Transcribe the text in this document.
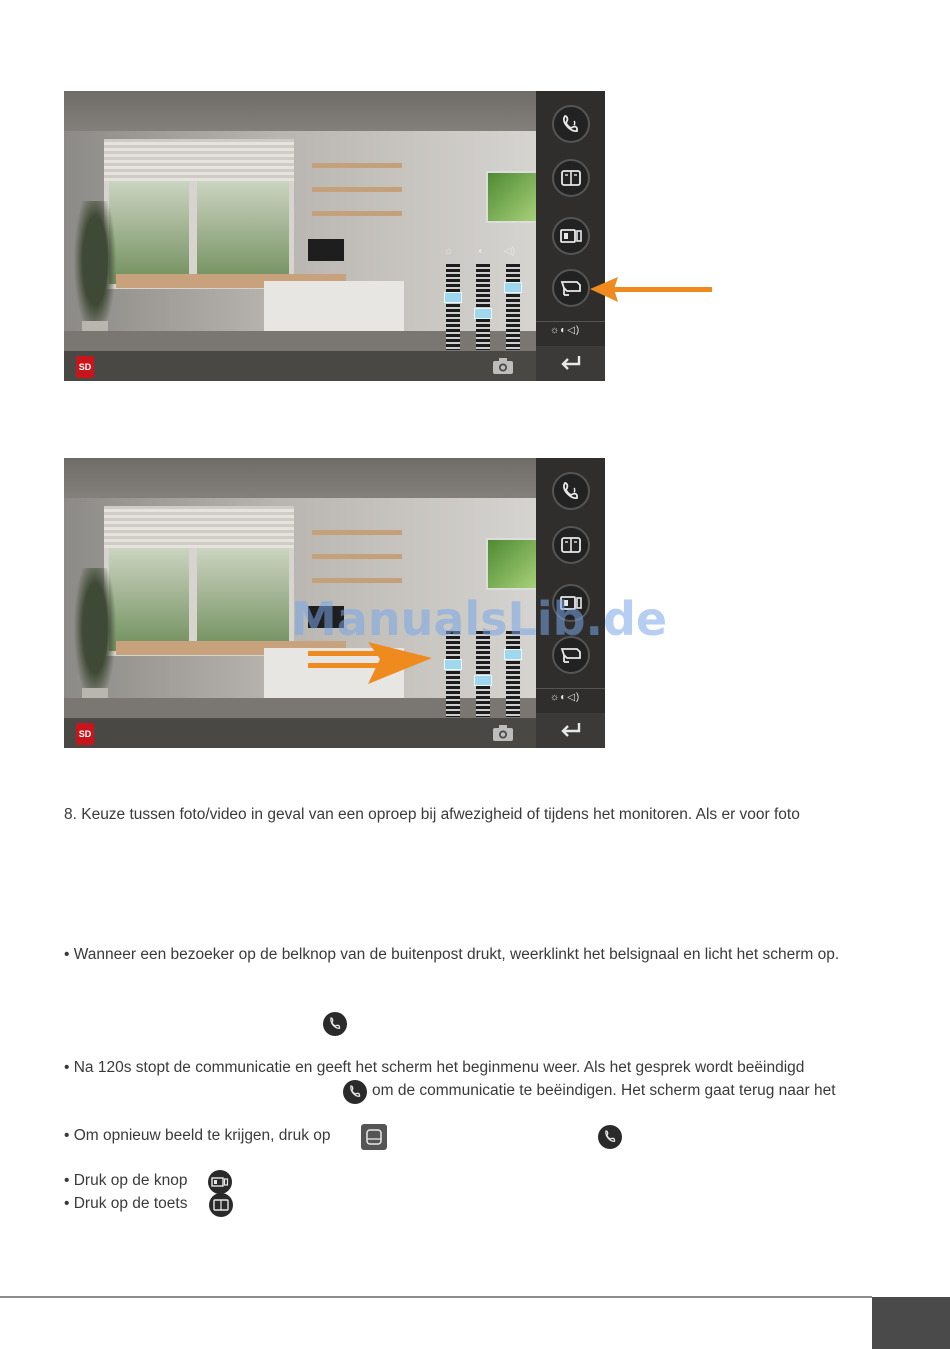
☼ ◐ ◁)
SD
☼◐◁)
SD
☼◐◁)
ManualsLib.de
8. Keuze tussen foto/video in geval van een oproep bij afwezigheid of tijdens het monitoren. Als er voor foto
• Wanneer een bezoeker op de belknop van de buitenpost drukt, weerklinkt het belsignaal en licht het scherm op.
• Na 120s stopt de communicatie en geeft het scherm het beginmenu weer. Als het gesprek wordt beëindigd
om de communicatie te beëindigen. Het scherm gaat terug naar het
• Om opnieuw beeld te krijgen, druk op
• Druk op de knop
• Druk op de toets
